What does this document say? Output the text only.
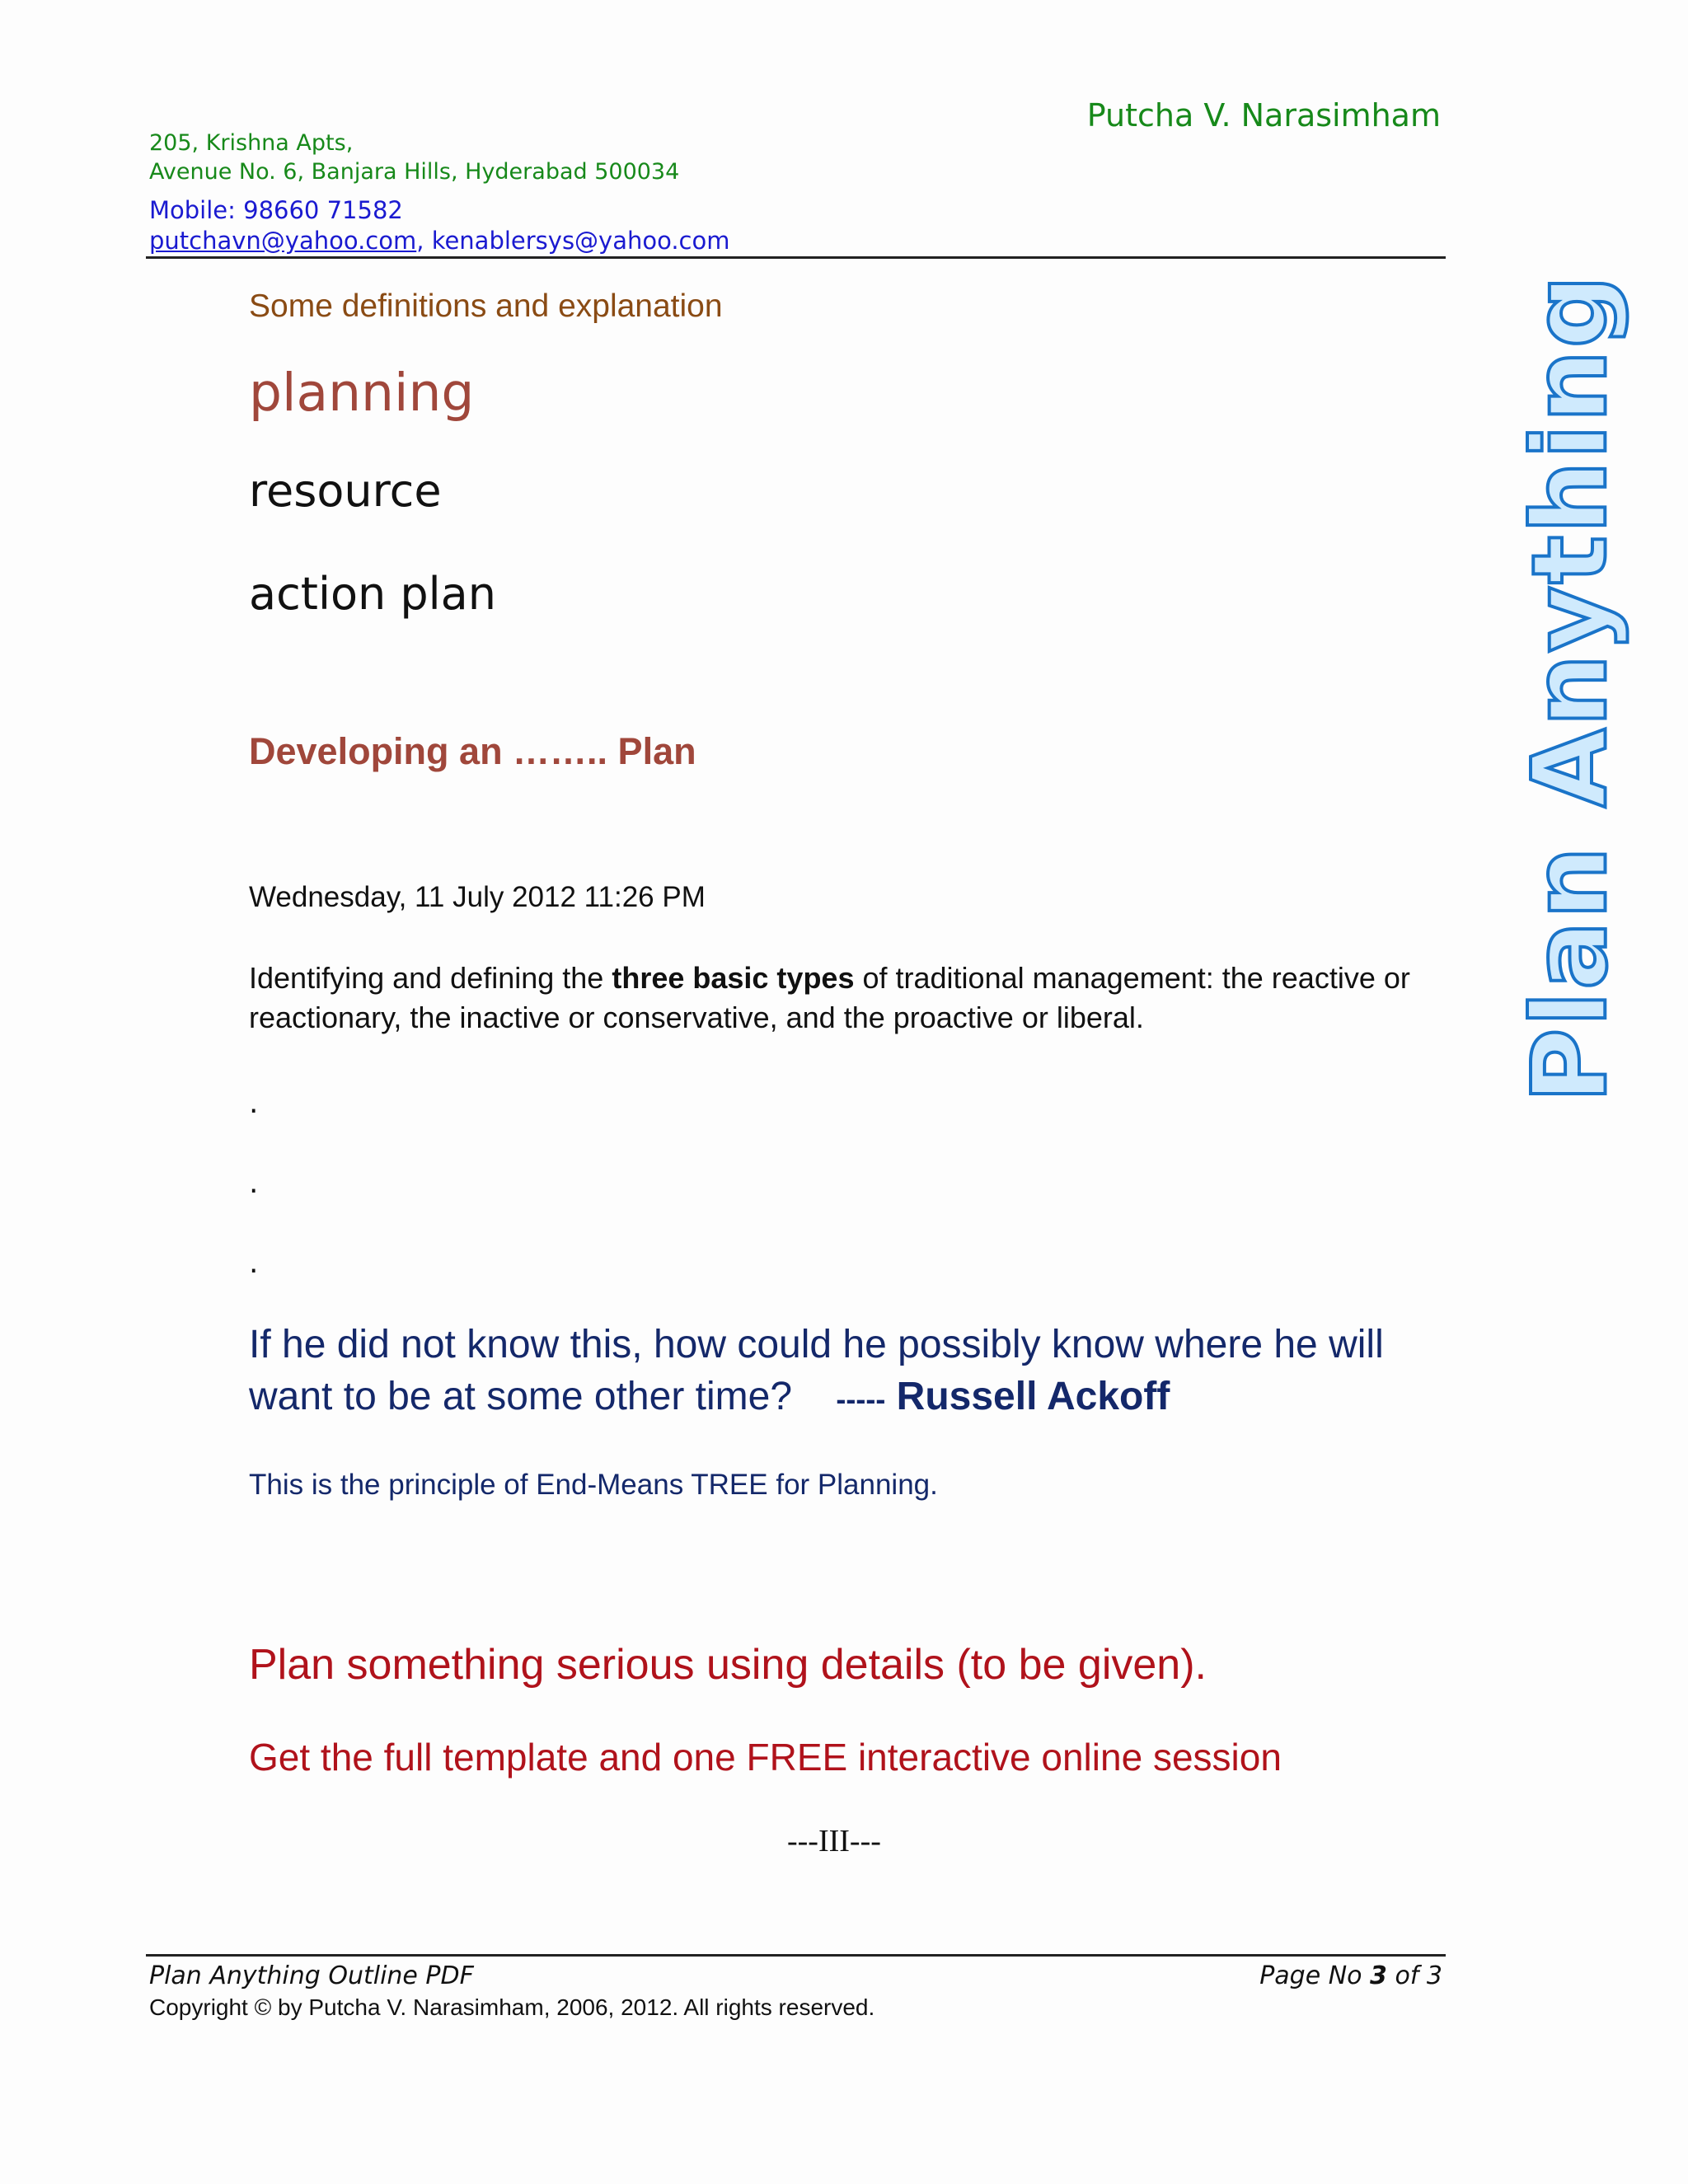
Putcha V. Narasimham
205, Krishna Apts,
Avenue No. 6, Banjara Hills, Hyderabad 500034
Mobile: 98660 71582
putchavn@yahoo.com, kenablersys@yahoo.com
Plan Anything
Some definitions and explanation
planning
resource
action plan
Developing an …….. Plan
Wednesday, 11 July 2012 11:26 PM
Identifying and defining the three basic types of traditional management: the reactive or reactionary, the inactive or conservative, and the proactive or liberal.
.
.
.
If he did not know this, how could he possibly know where he will want to be at some other time? ----- Russell Ackoff
This is the principle of End-Means TREE for Planning.
Plan something serious using details (to be given).
Get the full template and one FREE interactive online session
---III---
Plan Anything Outline PDF	Page No 3 of 3
Copyright © by Putcha V. Narasimham, 2006, 2012. All rights reserved.
